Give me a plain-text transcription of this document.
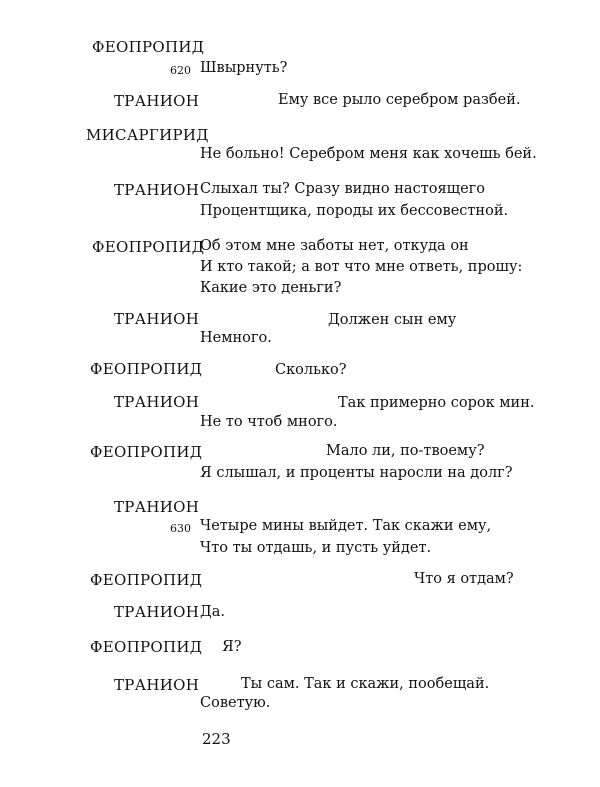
ФЕОПРОПИД
ТРАНИОН
МИСАРГИРИД
ТРАНИОН
ФЕОПРОПИД
ТРАНИОН
ФЕОПРОПИД
ТРАНИОН
ФЕОПРОПИД
ТРАНИОН
ФЕОПРОПИД
ТРАНИОН
ФЕОПРОПИД
ТРАНИОН
620
630
Швырнуть?
Ему все рыло серебром разбей.
Не больно! Серебром меня как хочешь бей.
Слыхал ты? Сразу видно настоящего
Процентщика, породы их бессовестной.
Об этом мне заботы нет, откуда он
И кто такой; а вот что мне ответь, прошу:
Какие это деньги?
Должен сын ему
Немного.
Сколько?
Так примерно сорок мин.
Не то чтоб много.
Мало ли, по-твоему?
Я слышал, и проценты наросли на долг?
Четыре мины выйдет. Так скажи ему,
Что ты отдашь, и пусть уйдет.
Что я отдам?
Да.
Я?
Ты сам. Так и скажи, пообещай.
Советую.
223
